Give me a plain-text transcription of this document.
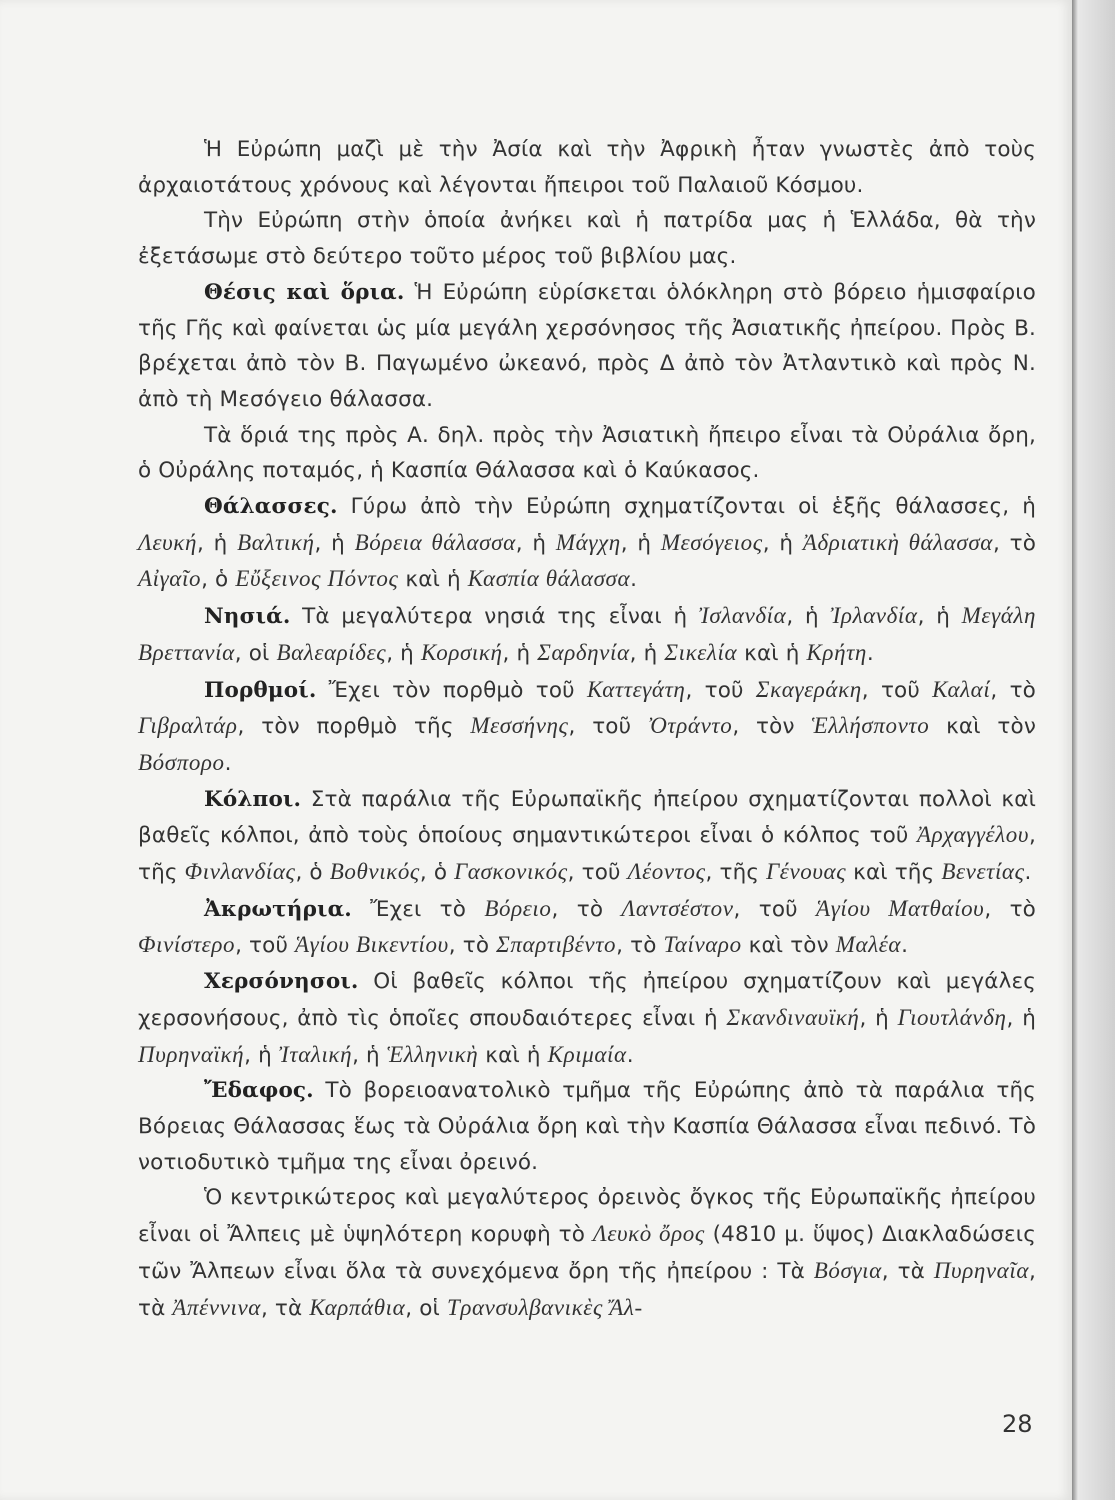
Ἡ Εὐρώπη μαζὶ μὲ τὴν Ἀσία καὶ τὴν Ἀφρικὴ ἦταν γνωστὲς ἀπὸ τοὺς ἀρχαιοτάτους χρόνους καὶ λέγονται ἤπειροι τοῦ Παλαιοῦ Κόσμου.

Τὴν Εὐρώπη στὴν ὁποία ἀνήκει καὶ ἡ πατρίδα μας ἡ Ἑλλάδα, θὰ τὴν ἐξετάσωμε στὸ δεύτερο τοῦτο μέρος τοῦ βιβλίου μας.

Θέσις καὶ ὅρια. Ἡ Εὐρώπη εὑρίσκεται ὁλόκληρη στὸ βόρειο ἡμισφαίριο τῆς Γῆς καὶ φαίνεται ὡς μία μεγάλη χερσόνησος τῆς Ἀσιατικῆς ἠπείρου. Πρὸς Β. βρέχεται ἀπὸ τὸν Β. Παγωμένο ὠκεανό, πρὸς Δ ἀπὸ τὸν Ἀτλαντικὸ καὶ πρὸς Ν. ἀπὸ τὴ Μεσόγειο θάλασσα.

Τὰ ὅριά της πρὸς Α. δηλ. πρὸς τὴν Ἀσιατικὴ ἤπειρο εἶναι τὰ Οὐράλια ὄρη, ὁ Οὐράλης ποταμός, ἡ Κασπία Θάλασσα καὶ ὁ Καύκασος.

Θάλασσες. Γύρω ἀπὸ τὴν Εὐρώπη σχηματίζονται οἱ ἑξῆς θάλασσες, ἡ Λευκή, ἡ Βαλτική, ἡ Βόρεια θάλασσα, ἡ Μάγχη, ἡ Μεσόγειος, ἡ Ἀδριατικὴ θάλασσα, τὸ Αἰγαῖο, ὁ Εὔξεινος Πόντος καὶ ἡ Κασπία θάλασσα.

Νησιά. Τὰ μεγαλύτερα νησιά της εἶναι ἡ Ἰσλανδία, ἡ Ἰρλανδία, ἡ Μεγάλη Βρεττανία, οἱ Βαλεαρίδες, ἡ Κορσική, ἡ Σαρδηνία, ἡ Σικελία καὶ ἡ Κρήτη.

Πορθμοί. Ἔχει τὸν πορθμὸ τοῦ Καττεγάτη, τοῦ Σκαγεράκη, τοῦ Καλαί, τὸ Γιβραλτάρ, τὸν πορθμὸ τῆς Μεσσήνης, τοῦ Ὀτράντο, τὸν Ἑλλήσποντο καὶ τὸν Βόσπορο.

Κόλποι. Στὰ παράλια τῆς Εὐρωπαϊκῆς ἠπείρου σχηματίζονται πολλοὶ καὶ βαθεῖς κόλποι, ἀπὸ τοὺς ὁποίους σημαντικώτεροι εἶναι ὁ κόλπος τοῦ Ἀρχαγγέλου, τῆς Φινλανδίας, ὁ Βοθνικός, ὁ Γασκονικός, τοῦ Λέοντος, τῆς Γένουας καὶ τῆς Βενετίας.

Ἀκρωτήρια. Ἔχει τὸ Βόρειο, τὸ Λαντσέστον, τοῦ Ἁγίου Ματθαίου, τὸ Φινίστερο, τοῦ Ἁγίου Βικεντίου, τὸ Σπαρτιβέντο, τὸ Ταίναρο καὶ τὸν Μαλέα.

Χερσόνησοι. Οἱ βαθεῖς κόλποι τῆς ἠπείρου σχηματίζουν καὶ μεγάλες χερσονήσους, ἀπὸ τὶς ὁποῖες σπουδαιότερες εἶναι ἡ Σκανδιναυϊκή, ἡ Γιουτλάνδη, ἡ Πυρηναϊκή, ἡ Ἰταλική, ἡ Ἑλληνικὴ καὶ ἡ Κριμαία.

Ἔδαφος. Τὸ βορειοανατολικὸ τμῆμα τῆς Εὐρώπης ἀπὸ τὰ παράλια τῆς Βόρειας Θάλασσας ἕως τὰ Οὐράλια ὄρη καὶ τὴν Κασπία Θάλασσα εἶναι πεδινό. Τὸ νοτιοδυτικὸ τμῆμα της εἶναι ὀρεινό.

Ὁ κεντρικώτερος καὶ μεγαλύτερος ὀρεινὸς ὄγκος τῆς Εὐρωπαϊκῆς ἠπείρου εἶναι οἱ Ἄλπεις μὲ ὑψηλότερη κορυφὴ τὸ Λευκὸ ὄρος (4810 μ. ὕψος) Διακλαδώσεις τῶν Ἄλπεων εἶναι ὅλα τὰ συνεχόμενα ὄρη τῆς ἠπείρου : Τὰ Βόσγια, τὰ Πυρηναῖα, τὰ Ἀπέννινα, τὰ Καρπάθια, οἱ Τρανσυλβανικὲς Ἄλ-

28
